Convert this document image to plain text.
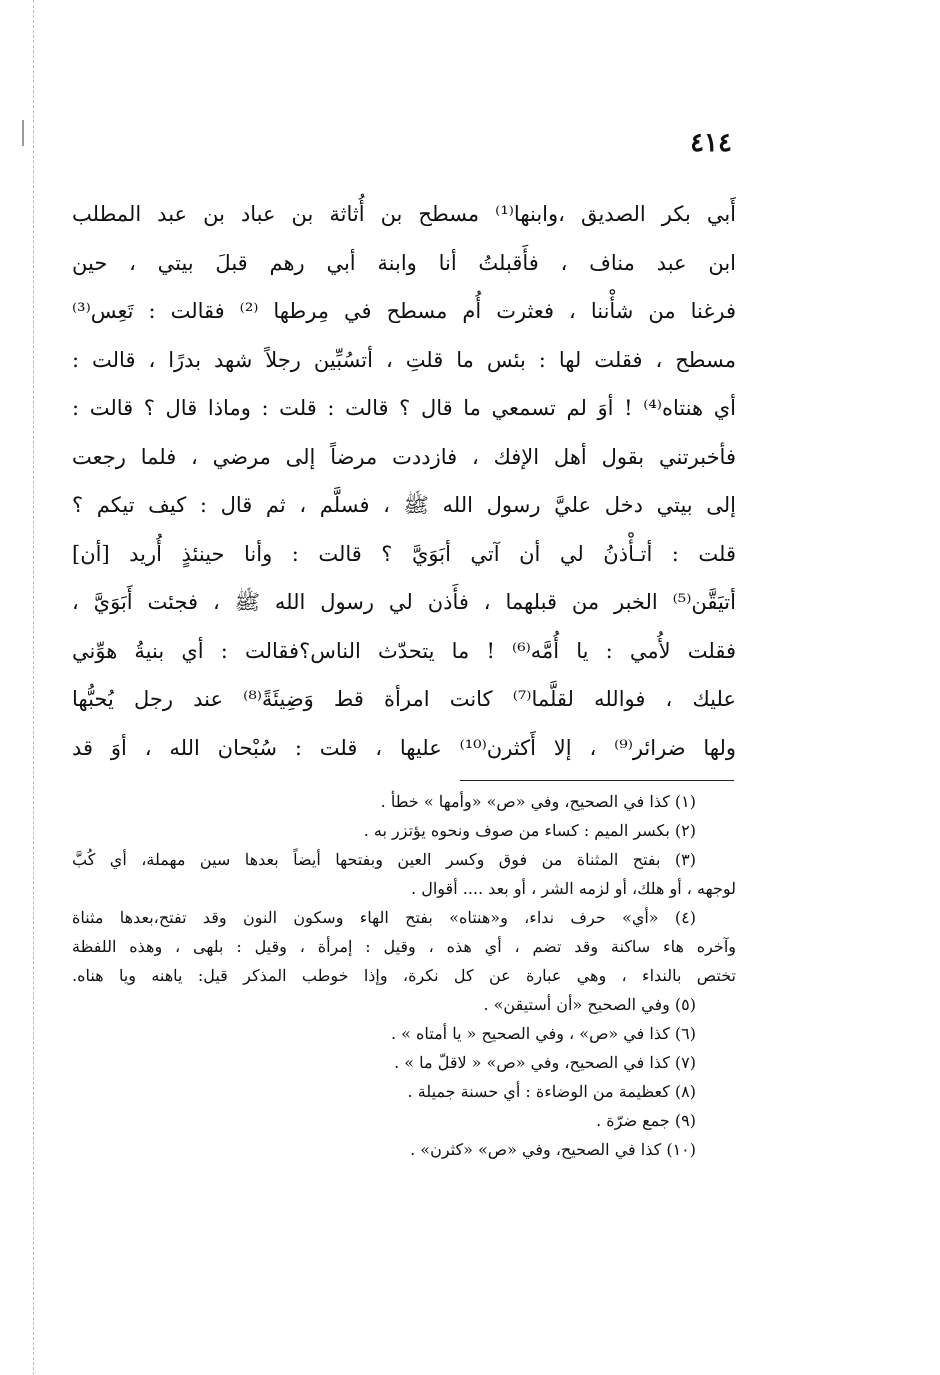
٤١٤
أَبي بكر الصديق ،وابنها⁽¹⁾ مسطح بن أُثاثة بن عباد بن عبد المطلب
ابن عبد مناف ، فأَقبلتُ أنا وابنة أبي رهم قبلَ بيتي ، حين
فرغنا من شأْننا ، فعثرت أُم مسطح في مِرطها ⁽²⁾ فقالت : تَعِس⁽³⁾
مسطح ، فقلت لها : بئس ما قلتِ ، أتسُبِّين رجلاً شهد بدرًا ، قالت :
أي هنتاه⁽⁴⁾ ! أوَ لم تسمعي ما قال ؟ قالت : قلت : وماذا قال ؟ قالت :
فأخبرتني بقول أهل الإفك ، فازددت مرضاً إلى مرضي ، فلما رجعت
إلى بيتي دخل عليَّ رسول الله ﷺ ، فسلَّم ، ثم قال : كيف تيكم ؟
قلت : أتـأْذنُ لي أن آتي أبَوَيَّ ؟ قالت : وأنا حينئذٍ أُريد [أن]
أتيَقَّن⁽⁵⁾ الخبر من قبلهما ، فأَذن لي رسول الله ﷺ ، فجئت أَبَوَيَّ ،
فقلت لأُمي : يا أُمَّه⁽⁶⁾ ! ما يتحدّث الناس؟فقالت : أي بنيةُ هوِّني
عليك ، فوالله لقلَّما⁽⁷⁾ كانت امرأة قط وَضِيئَةً⁽⁸⁾ عند رجل يُحبُّها
ولها ضرائر⁽⁹⁾ ، إلا أَكثرن⁽¹⁰⁾ عليها ، قلت : سُبْحان الله ، أوَ قد
(١) كذا في الصحيح، وفي «ص» «وأمها » خطأ .
(٢) بكسر الميم : كساء من صوف ونحوه يؤتزر به .
(٣) بفتح المثناة من فوق وكسر العين وبفتحها أيضاً بعدها سين مهملة، أي كُبَّ
لوجهه ، أو هلك، أو لزمه الشر ، أو بعد .... أقوال .
(٤) «أي» حرف نداء، و«هنتاه» بفتح الهاء وسكون النون وقد تفتح،بعدها مثناة
وآخره هاء ساكنة وقد تضم ، أي هذه ، وقيل : إمرأة ، وقيل : بلهى ، وهذه اللفظة
تختص بالنداء ، وهي عبارة عن كل نكرة، وإذا خوطب المذكر قيل: ياهنه ويا هناه.
(٥) وفي الصحيح «أن أستيقن» .
(٦) كذا في «ص» ، وفي الصحيح « يا أمتاه » .
(٧) كذا في الصحيح، وفي «ص» « لاقلّ ما » .
(٨) كعظيمة من الوضاءة : أي حسنة جميلة .
(٩) جمع ضرّة .
(١٠) كذا في الصحيح، وفي «ص» «كثرن» .
